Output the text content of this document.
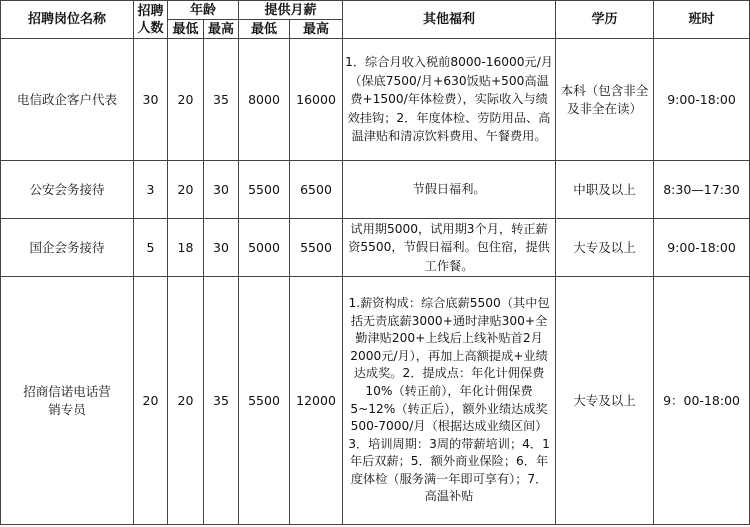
招聘岗位名称	招聘人数	年龄		提供月薪		其他福利	学历	班时
		最低	最高	最低	最高			
电信政企客户代表	30	20	35	8000	16000	1．综合月收入税前8000-16000元/月（保底7500/月+630饭贴+500高温费+1500/年体检费），实际收入与绩效挂钩；2．年度体检、劳防用品、高温津贴和清凉饮料费用、午餐费用。	本科（包含非全及非全在读）	9:00-18:00
公安会务接待	3	20	30	5500	6500	节假日福利。	中职及以上	8:30—17:30
国企会务接待	5	18	30	5000	5500	试用期5000，试用期3个月，转正薪资5500，节假日福利。包住宿，提供工作餐。	大专及以上	9:00-18:00
招商信诺电话营销专员	20	20	35	5500	12000	1.薪资构成：综合底薪5500（其中包括无责底薪3000+通时津贴300+全勤津贴200+上线后上线补贴首2月2000元/月），再加上高额提成+业绩达成奖。2．提成点：年化计佣保费10%（转正前），年化计佣保费5~12%（转正后），额外业绩达成奖500-7000/月（根据达成业绩区间）3．培训周期：3周的带薪培训；4．1年后双薪；5．额外商业保险；6．年度体检（服务满一年即可享有）；7．高温补贴	大专及以上	9：00-18:00
